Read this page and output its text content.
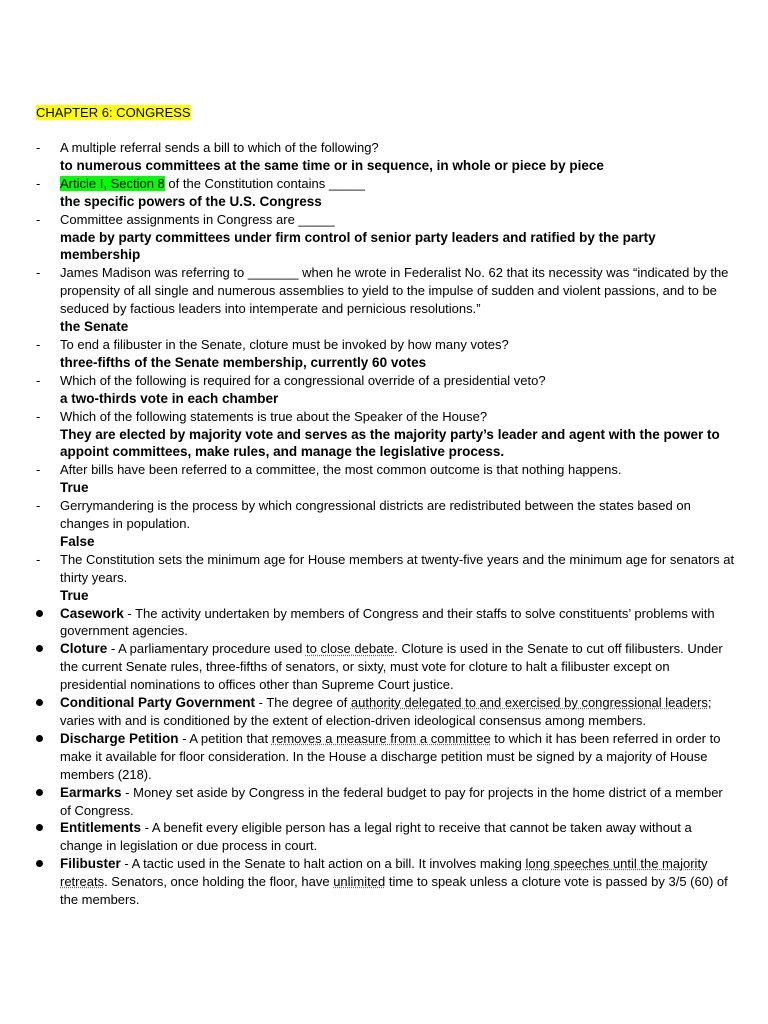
CHAPTER 6: CONGRESS
-
A multiple referral sends a bill to which of the following?
to numerous committees at the same time or in sequence, in whole or piece by piece
-
Article I, Section 8 of the Constitution contains _____
the specific powers of the U.S. Congress
-
Committee assignments in Congress are _____
made by party committees under firm control of senior party leaders and ratified by the party membership
-
James Madison was referring to _______ when he wrote in Federalist No. 62 that its necessity was “indicated by the propensity of all single and numerous assemblies to yield to the impulse of sudden and violent passions, and to be seduced by factious leaders into intemperate and pernicious resolutions.”
the Senate
-
To end a filibuster in the Senate, cloture must be invoked by how many votes?
three-fifths of the Senate membership, currently 60 votes
-
Which of the following is required for a congressional override of a presidential veto?
a two-thirds vote in each chamber
-
Which of the following statements is true about the Speaker of the House?
They are elected by majority vote and serves as the majority party’s leader and agent with the power to appoint committees, make rules, and manage the legislative process.
-
After bills have been referred to a committee, the most common outcome is that nothing happens.
True
-
Gerrymandering is the process by which congressional districts are redistributed between the states based on changes in population.
False
-
The Constitution sets the minimum age for House members at twenty-five years and the minimum age for senators at thirty years.
True
Casework - The activity undertaken by members of Congress and their staffs to solve constituents’ problems with government agencies.
Cloture - A parliamentary procedure used to close debate. Cloture is used in the Senate to cut off filibusters. Under the current Senate rules, three-fifths of senators, or sixty, must vote for cloture to halt a filibuster except on presidential nominations to offices other than Supreme Court justice.
Conditional Party Government - The degree of authority delegated to and exercised by congressional leaders; varies with and is conditioned by the extent of election-driven ideological consensus among members.
Discharge Petition - A petition that removes a measure from a committee to which it has been referred in order to make it available for floor consideration. In the House a discharge petition must be signed by a majority of House members (218).
Earmarks - Money set aside by Congress in the federal budget to pay for projects in the home district of a member of Congress.
Entitlements - A benefit every eligible person has a legal right to receive that cannot be taken away without a change in legislation or due process in court.
Filibuster - A tactic used in the Senate to halt action on a bill. It involves making long speeches until the majority retreats. Senators, once holding the floor, have unlimited time to speak unless a cloture vote is passed by 3/5 (60) of the members.
